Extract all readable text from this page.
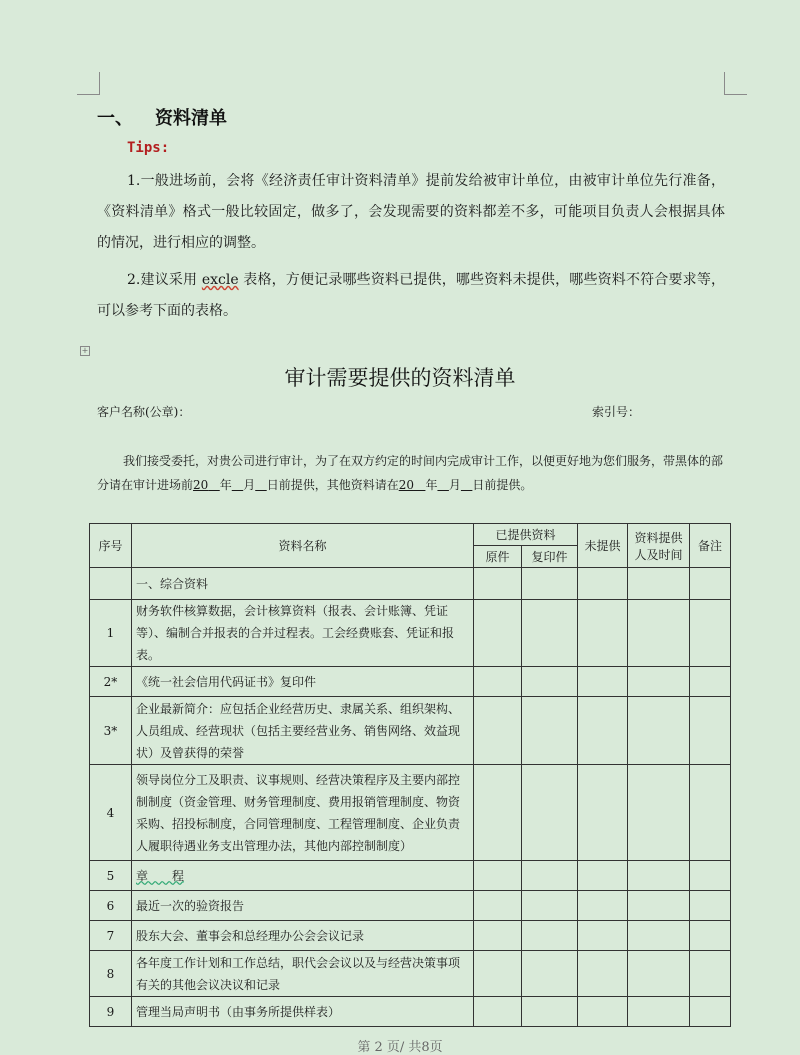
一、 资料清单
Tips:
1.一般进场前，会将《经济责任审计资料清单》提前发给被审计单位，由被审计单位先行准备，《资料清单》格式一般比较固定，做多了，会发现需要的资料都差不多，可能项目负责人会根据具体的情况，进行相应的调整。
2.建议采用 excle 表格，方便记录哪些资料已提供，哪些资料未提供，哪些资料不符合要求等，可以参考下面的表格。
+
审计需要提供的资料清单
客户名称(公章)：	索引号：
我们接受委托，对贵公司进行审计，为了在双方约定的时间内完成审计工作，以便更好地为您们服务，带黑体的部分请在审计进场前20 年 月 日前提供，其他资料请在20 年 月 日前提供。
序号	资料名称	已提供资料		未提供	资料提供人及时间	备注
		原件	复印件			
	一、综合资料					
1	财务软件核算数据，会计核算资料（报表、会计账簿、凭证等）、编制合并报表的合并过程表。工会经费账套、凭证和报表。					
2*	《统一社会信用代码证书》复印件					
3*	企业最新简介：应包括企业经营历史、隶属关系、组织架构、人员组成、经营现状（包括主要经营业务、销售网络、效益现状）及曾获得的荣誉					
4	领导岗位分工及职责、议事规则、经营决策程序及主要内部控制制度（资金管理、财务管理制度、费用报销管理制度、物资采购、招投标制度，合同管理制度、工程管理制度、企业负责人履职待遇业务支出管理办法，其他内部控制制度）					
5	章　　程					
6	最近一次的验资报告					
7	股东大会、董事会和总经理办公会会议记录					
8	各年度工作计划和工作总结，职代会会议以及与经营决策事项有关的其他会议决议和记录					
9	管理当局声明书（由事务所提供样表）					
第 2 页/ 共8页
